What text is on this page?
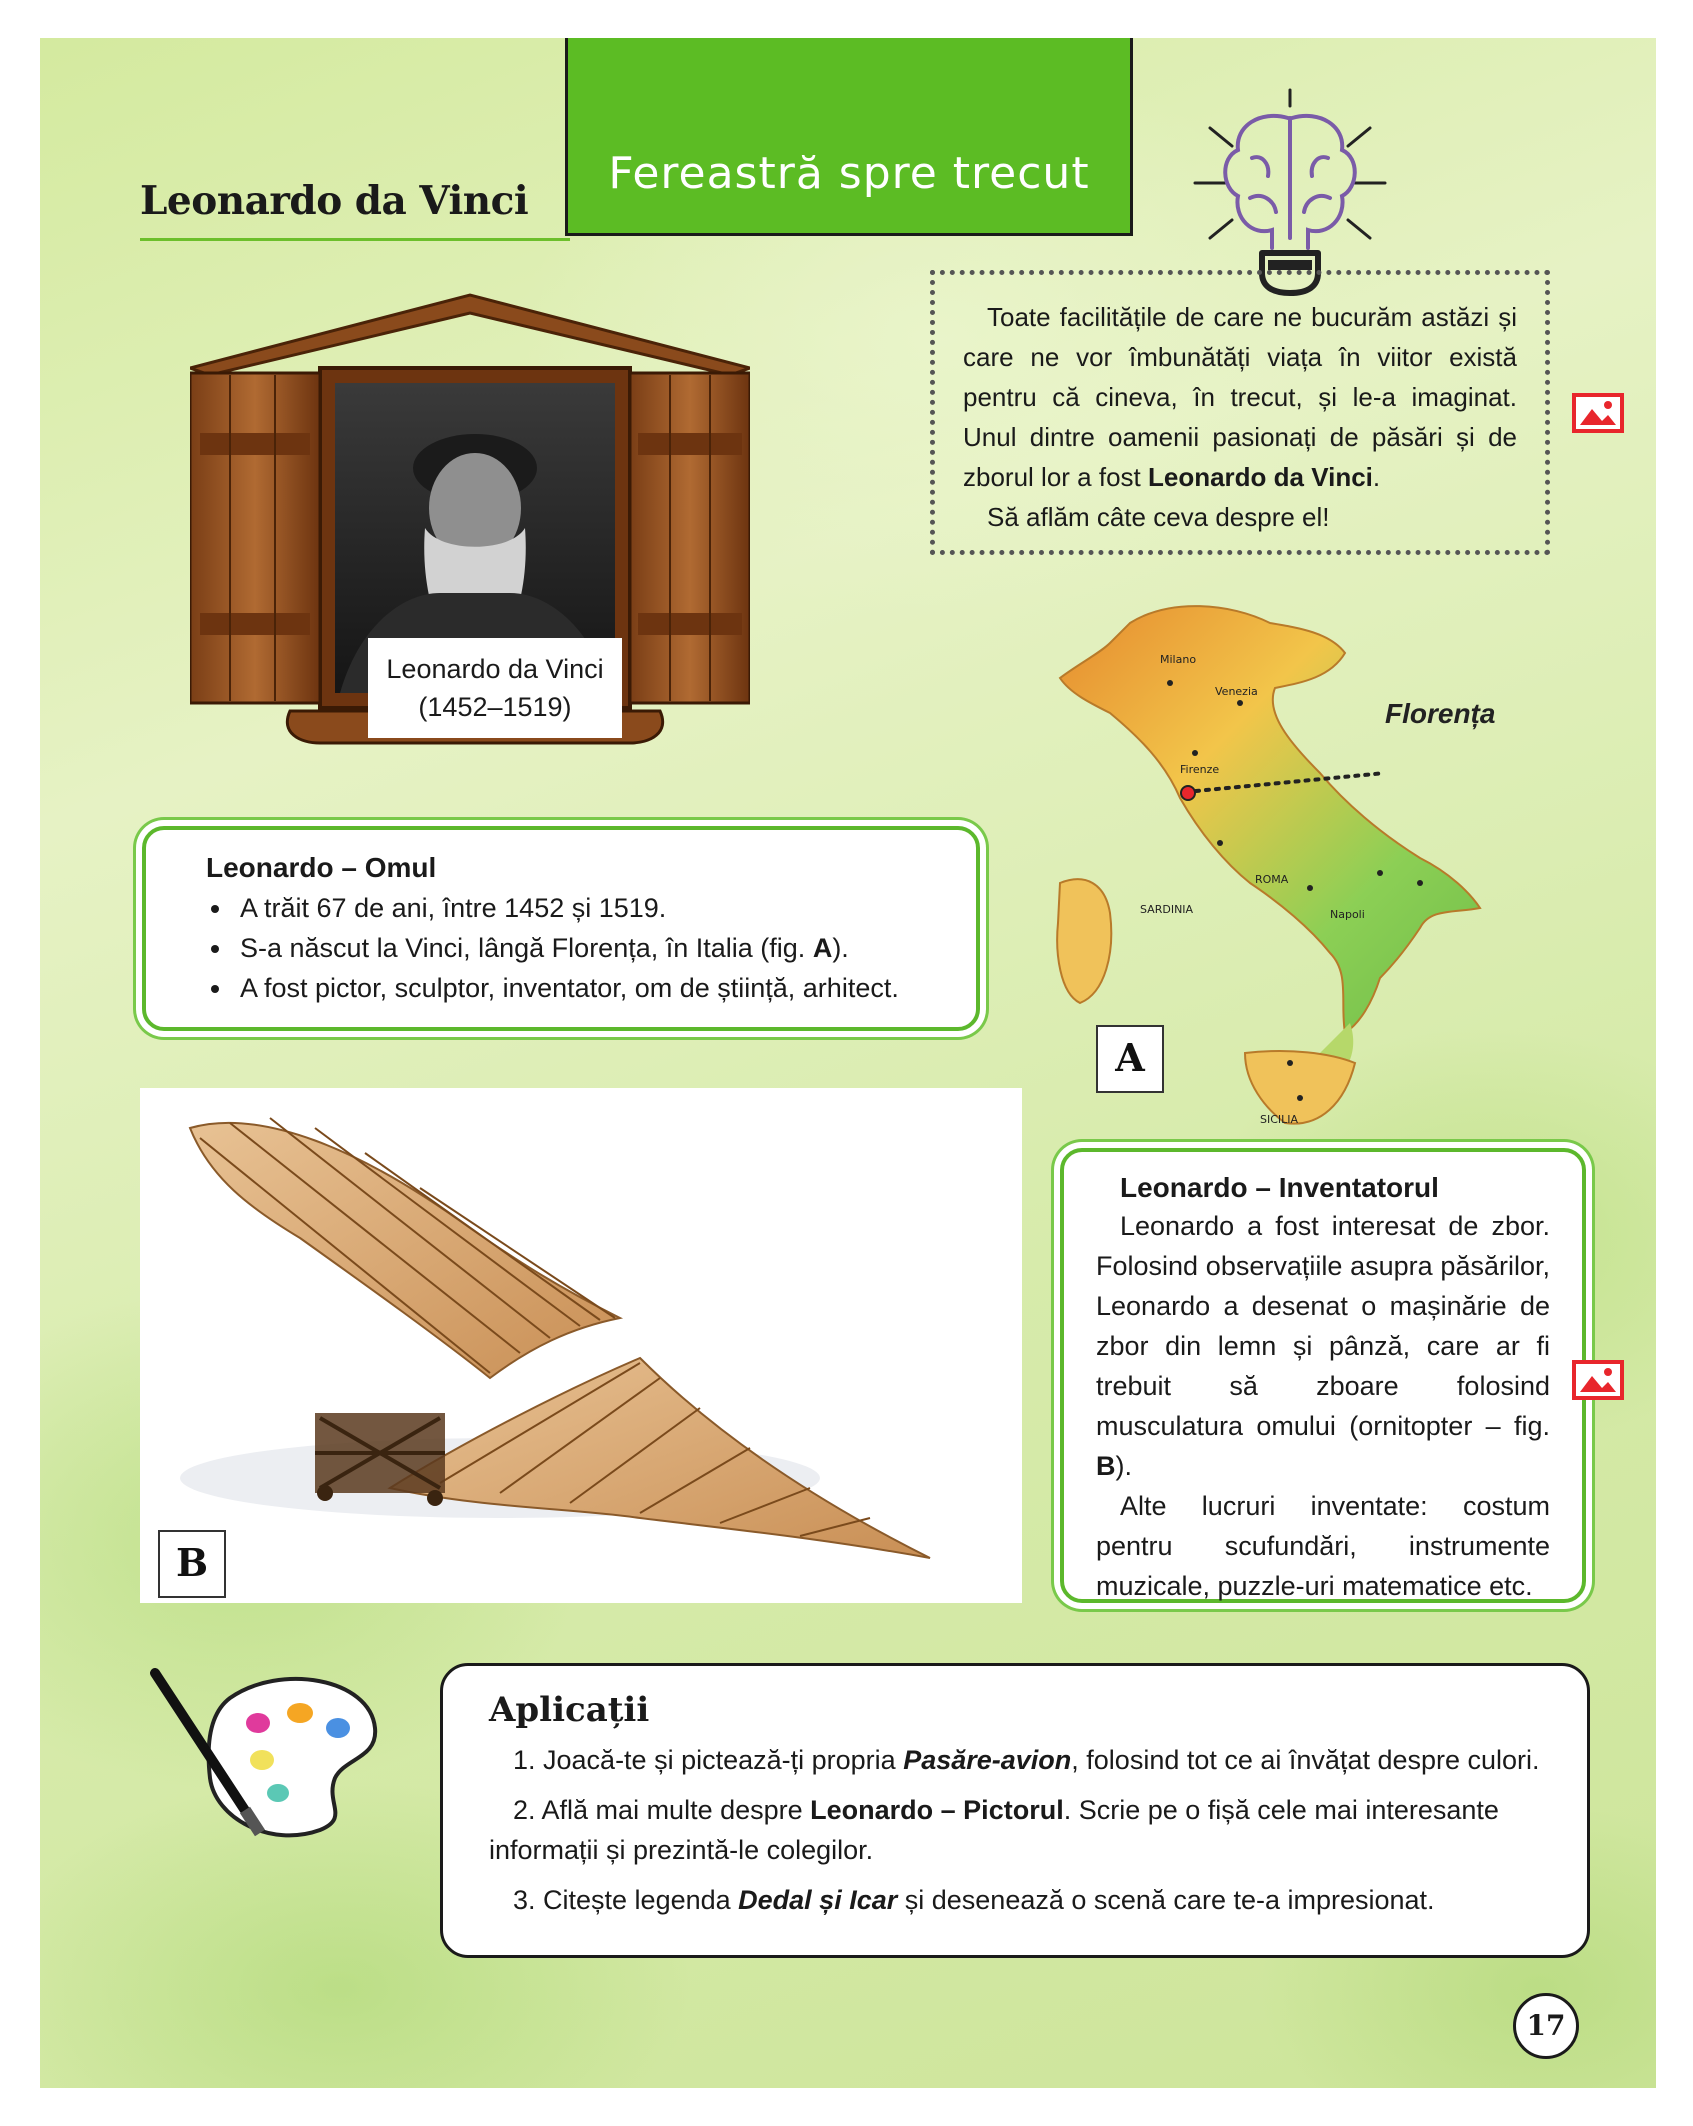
Leonardo da Vinci
Fereastră spre trecut
Leonardo da Vinci
(1452–1519)

Toate facilitățile de care ne bucurăm astăzi și care ne vor îmbunătăți viața în viitor există pentru că cineva, în trecut, și le-a imaginat. Unul dintre oamenii pasionați de păsări și de zborul lor a fost Leonardo da Vinci.

Să aflăm câte ceva despre el!

Milano
Venezia
Firenze
ROMA
Napoli
SARDINIA
SICILIA
Florența
A
Leonardo – Omul
• A trăit 67 de ani, între 1452 și 1519.
• S-a născut la Vinci, lângă Florența, în Italia (fig. A).
• A fost pictor, sculptor, inventator, om de știință, arhitect.
B
Leonardo – Inventatorul

Leonardo a fost interesat de zbor. Folosind observațiile asupra păsărilor, Leonardo a desenat o mașinărie de zbor din lemn și pânză, care ar fi trebuit să zboare folosind musculatura omului (ornitopter – fig. B).

Alte lucruri inventate: costum pentru scufundări, instrumente muzicale, puzzle-uri matematice etc.

Aplicații

1. Joacă-te și pictează-ți propria Pasăre-avion, folosind tot ce ai învățat despre culori.

2. Află mai multe despre Leonardo – Pictorul. Scrie pe o fișă cele mai interesante informații și prezintă-le colegilor.

3. Citește legenda Dedal și Icar și desenează o scenă care te-a impresionat.

17
